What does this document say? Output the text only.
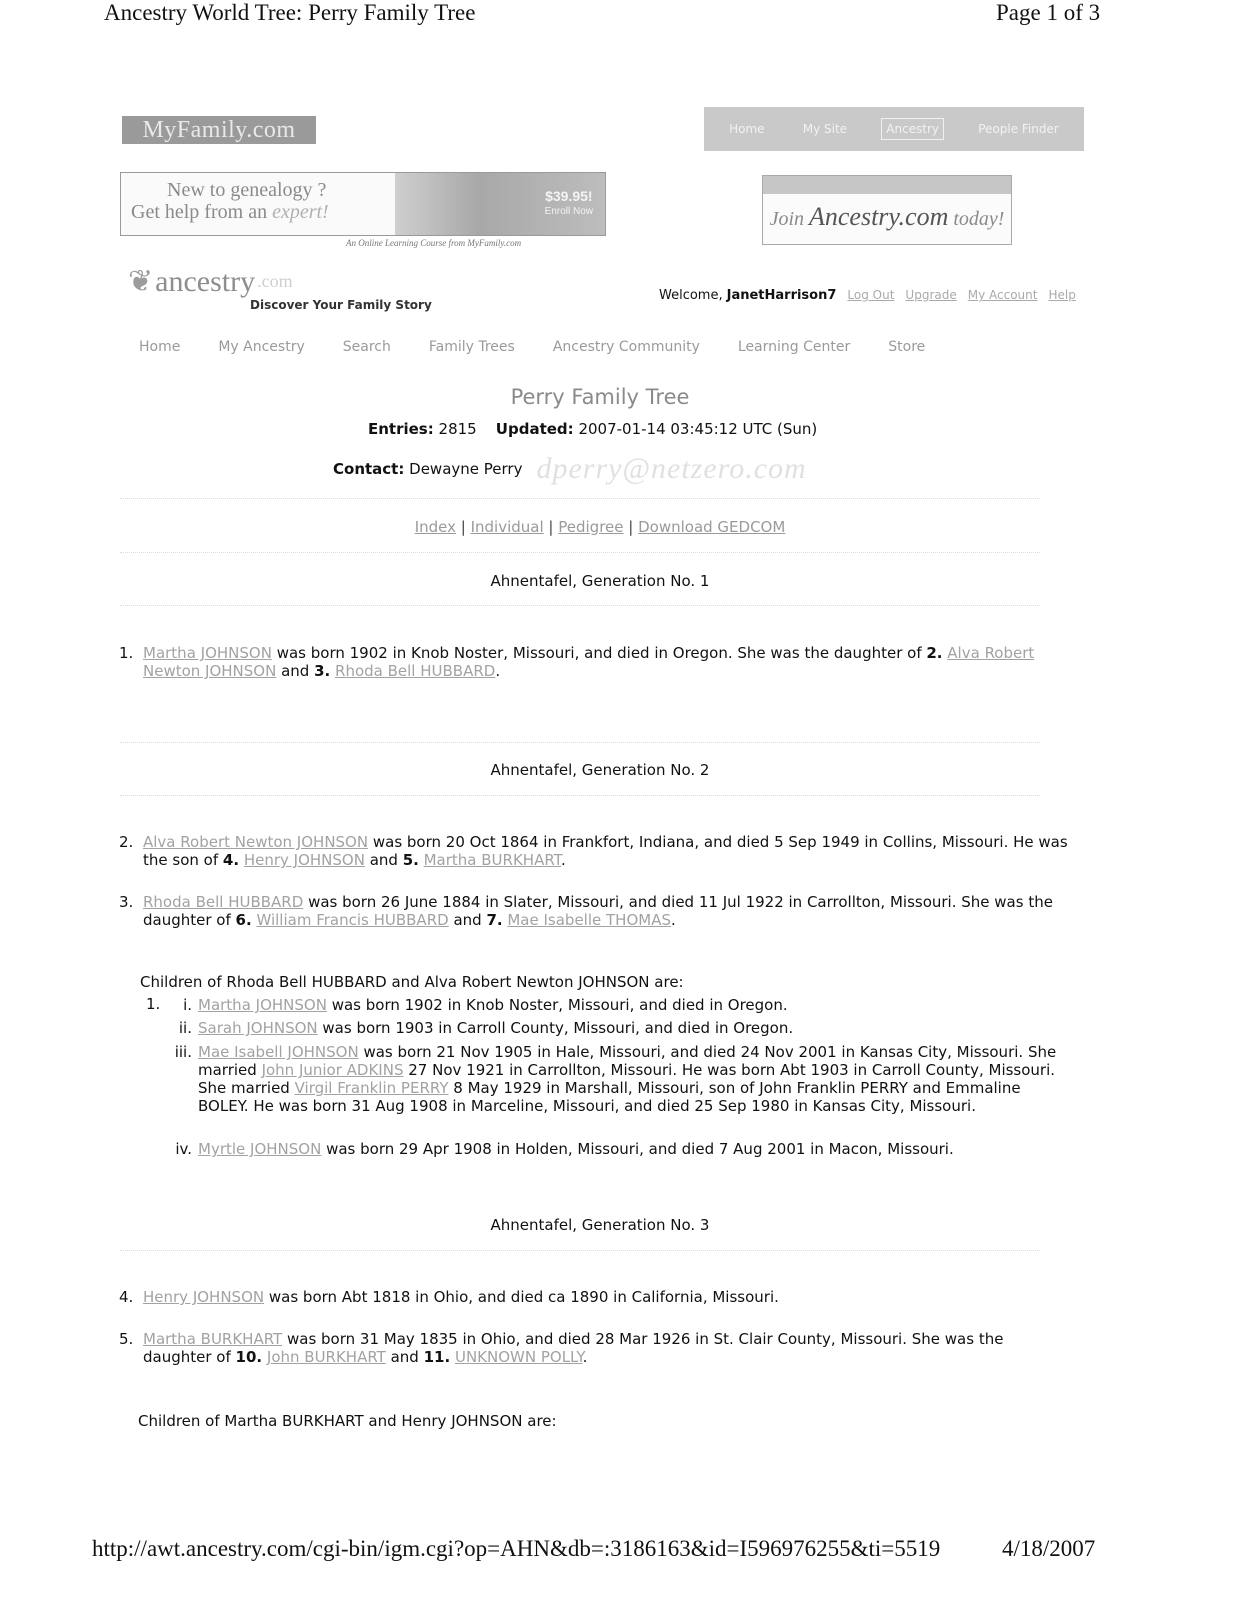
Ancestry World Tree: Perry Family Tree	Page 1 of 3
MyFamily.com	Home	My Site	Ancestry	People Finder
New to genealogy ?
Get help from an expert!
$39.95!
Enroll Now
An Online Learning Course from MyFamily.com
Join Ancestry.com today!
❦ ancestry .com
Discover Your Family Story
Welcome, JanetHarrison7 Log Out Upgrade My Account Help
Home	My Ancestry	Search	Family Trees	Ancestry Community	Learning Center	Store
Perry Family Tree
Entries: 2815 Updated: 2007-01-14 03:45:12 UTC (Sun)
Contact:
Dewayne Perry dperry@netzero.com
Index | Individual | Pedigree | Download GEDCOM
Ahnentafel, Generation No. 1
1. Martha JOHNSON was born 1902 in Knob Noster, Missouri, and died in Oregon. She was the daughter of 2. Alva Robert Newton JOHNSON and 3. Rhoda Bell HUBBARD.
Ahnentafel, Generation No. 2
2. Alva Robert Newton JOHNSON was born 20 Oct 1864 in Frankfort, Indiana, and died 5 Sep 1949 in Collins, Missouri. He was the son of 4. Henry JOHNSON and 5. Martha BURKHART.
3. Rhoda Bell HUBBARD was born 26 June 1884 in Slater, Missouri, and died 11 Jul 1922 in Carrollton, Missouri. She was the daughter of 6. William Francis HUBBARD and 7. Mae Isabelle THOMAS.
Children of Rhoda Bell HUBBARD and Alva Robert Newton JOHNSON are:
1.	i. Martha JOHNSON was born 1902 in Knob Noster, Missouri, and died in Oregon.
ii. Sarah JOHNSON was born 1903 in Carroll County, Missouri, and died in Oregon.
iii. Mae Isabell JOHNSON was born 21 Nov 1905 in Hale, Missouri, and died 24 Nov 2001 in Kansas City, Missouri. She married John Junior ADKINS 27 Nov 1921 in Carrollton, Missouri. He was born Abt 1903 in Carroll County, Missouri. She married Virgil Franklin PERRY 8 May 1929 in Marshall, Missouri, son of John Franklin PERRY and Emmaline BOLEY. He was born 31 Aug 1908 in Marceline, Missouri, and died 25 Sep 1980 in Kansas City, Missouri.
iv. Myrtle JOHNSON was born 29 Apr 1908 in Holden, Missouri, and died 7 Aug 2001 in Macon, Missouri.
Ahnentafel, Generation No. 3
4. Henry JOHNSON was born Abt 1818 in Ohio, and died ca 1890 in California, Missouri.
5. Martha BURKHART was born 31 May 1835 in Ohio, and died 28 Mar 1926 in St. Clair County, Missouri. She was the daughter of 10. John BURKHART and 11. UNKNOWN POLLY.
Children of Martha BURKHART and Henry JOHNSON are:
http://awt.ancestry.com/cgi-bin/igm.cgi?op=AHN&db=:3186163&id=I596976255&ti=5519	4/18/2007
